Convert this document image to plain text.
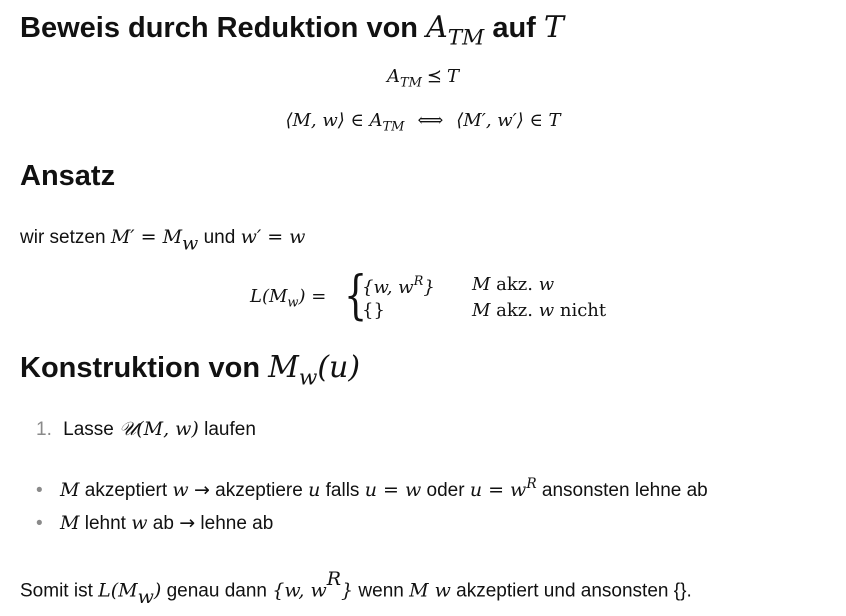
Beweis durch Reduktion von $A_{TM}$ auf T
$A_{TM}$ ⪯ T
⟨M, w⟩ ∈ $A_{TM}$ ⟺ ⟨M′, w′⟩ ∈ T
Ansatz
wir setzen M′ = Mw und w′ = w
$L(M_w)$ = {
{w, $w^R$} M akz. w
{}	M akz. w nicht
Konstruktion von $M_w(u)$
1. Lasse 𝒰(M, w) laufen
• M akzeptiert w → akzeptiere u falls u = w oder $u = w^R$ ansonsten lehne ab
• M lehnt w ab → lehne ab
Somit ist L(Mw) genau dann {w, wR} wenn M w akzeptiert und ansonsten {}.
